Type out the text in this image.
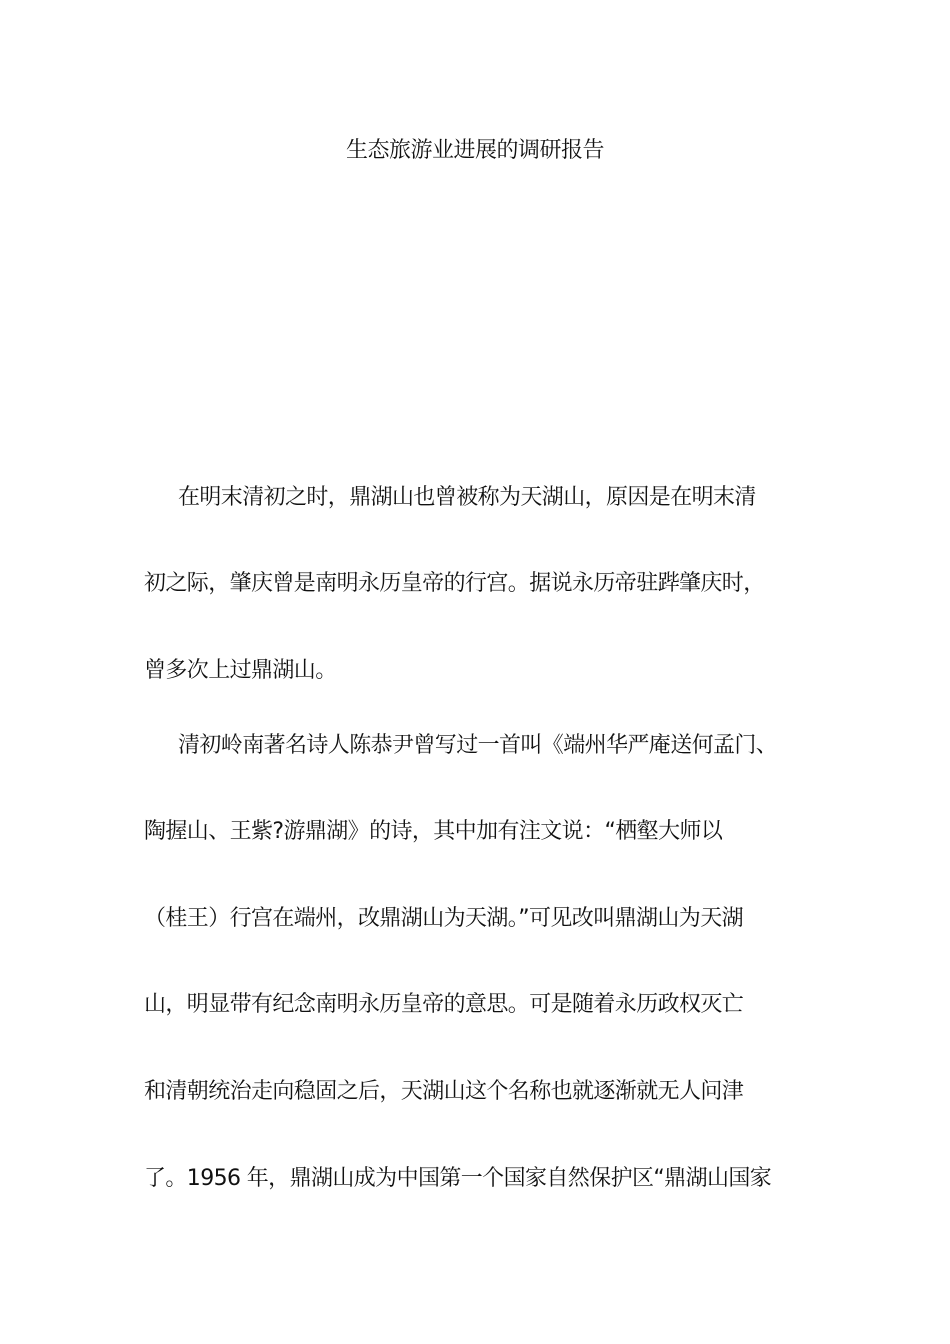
生态旅游业进展的调研报告
在明末清初之时，鼎湖山也曾被称为天湖山，原因是在明末清
初之际，肇庆曾是南明永历皇帝的行宫。据说永历帝驻跸肇庆时，
曾多次上过鼎湖山。
清初岭南著名诗人陈恭尹曾写过一首叫《端州华严庵送何孟门、
陶握山、王紫?游鼎湖》的诗，其中加有注文说：“栖壑大师以
（桂王）行宫在端州，改鼎湖山为天湖。”可见改叫鼎湖山为天湖
山，明显带有纪念南明永历皇帝的意思。可是随着永历政权灭亡
和清朝统治走向稳固之后，天湖山这个名称也就逐渐就无人问津
了。1956 年，鼎湖山成为中国第一个国家自然保护区“鼎湖山国家
